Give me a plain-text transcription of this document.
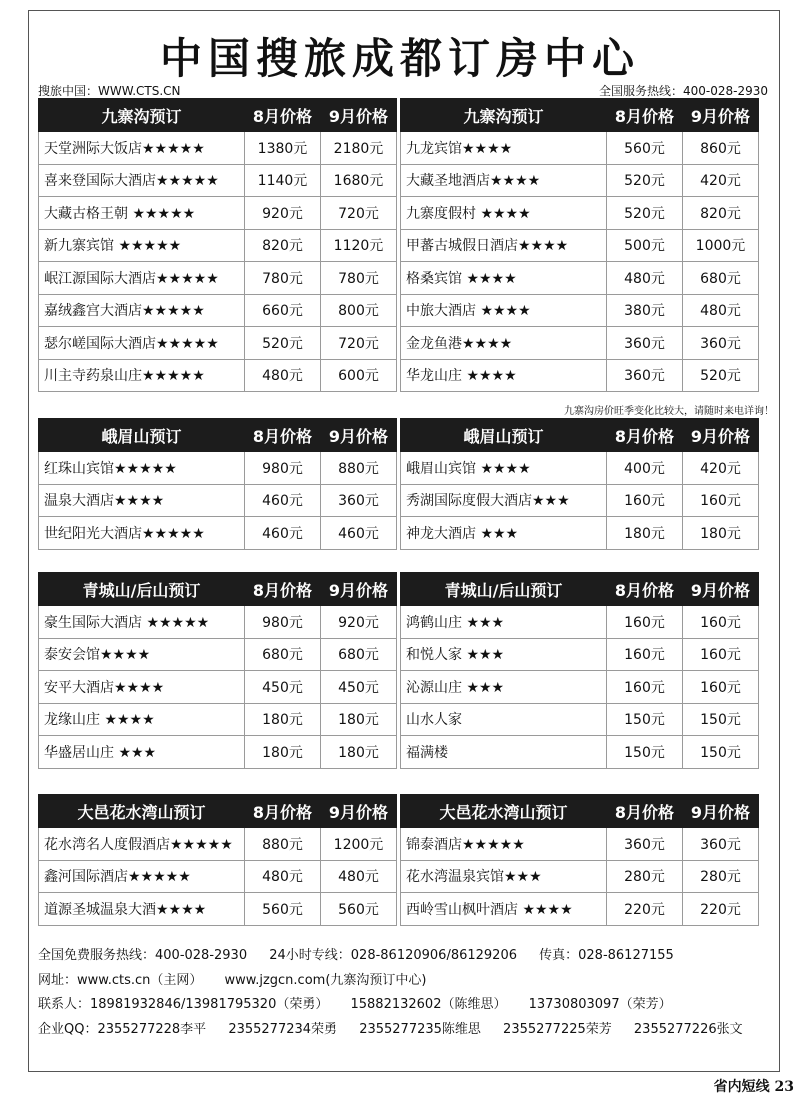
中国搜旅成都订房中心
搜旅中国：WWW.CTS.CN	全国服务热线：400-028-2930
九寨沟预订	8月价格	9月价格		九寨沟预订	8月价格	9月价格
天堂洲际大饭店★★★★★	1380元	2180元		九龙宾馆★★★★	560元	860元
喜来登国际大酒店★★★★★	1140元	1680元		大藏圣地酒店★★★★	520元	420元
大藏古格王朝 ★★★★★	920元	720元		九寨度假村 ★★★★	520元	820元
新九寨宾馆 ★★★★★	820元	1120元		甲蕃古城假日酒店★★★★	500元	1000元
岷江源国际大酒店★★★★★	780元	780元		格桑宾馆 ★★★★	480元	680元
嘉绒鑫宫大酒店★★★★★	660元	800元		中旅大酒店 ★★★★	380元	480元
瑟尔嵯国际大酒店★★★★★	520元	720元		金龙鱼港★★★★	360元	360元
川主寺药泉山庄★★★★★	480元	600元		华龙山庄 ★★★★	360元	520元
九寨沟房价旺季变化比较大，请随时来电详询！
峨眉山预订	8月价格	9月价格		峨眉山预订	8月价格	9月价格
红珠山宾馆★★★★★	980元	880元		峨眉山宾馆 ★★★★	400元	420元
温泉大酒店★★★★	460元	360元		秀湖国际度假大酒店★★★	160元	160元
世纪阳光大酒店★★★★★	460元	460元		神龙大酒店 ★★★	180元	180元
青城山/后山预订	8月价格	9月价格		青城山/后山预订	8月价格	9月价格
豪生国际大酒店 ★★★★★	980元	920元		鸿鹤山庄 ★★★	160元	160元
泰安会馆★★★★	680元	680元		和悦人家 ★★★	160元	160元
安平大酒店★★★★	450元	450元		沁源山庄 ★★★	160元	160元
龙缘山庄 ★★★★	180元	180元		山水人家	150元	150元
华盛居山庄 ★★★	180元	180元		福满楼	150元	150元
大邑花水湾山预订	8月价格	9月价格		大邑花水湾山预订	8月价格	9月价格
花水湾名人度假酒店★★★★★	880元	1200元		锦泰酒店★★★★★	360元	360元
鑫河国际酒店★★★★★	480元	480元		花水湾温泉宾馆★★★	280元	280元
道源圣城温泉大酒★★★★	560元	560元		西岭雪山枫叶酒店 ★★★★	220元	220元
全国免费服务热线：400-028-2930 24小时专线：028-86120906/86129206 传真：028-86127155
网址：www.cts.cn（主网） www.jzgcn.com(九寨沟预订中心)
联系人：18981932846/13981795320（荣勇） 15882132602（陈维思） 13730803097（荣芳）
企业QQ：2355277228李平 2355277234荣勇 2355277235陈维思 2355277225荣芳 2355277226张文
省内短线 23
